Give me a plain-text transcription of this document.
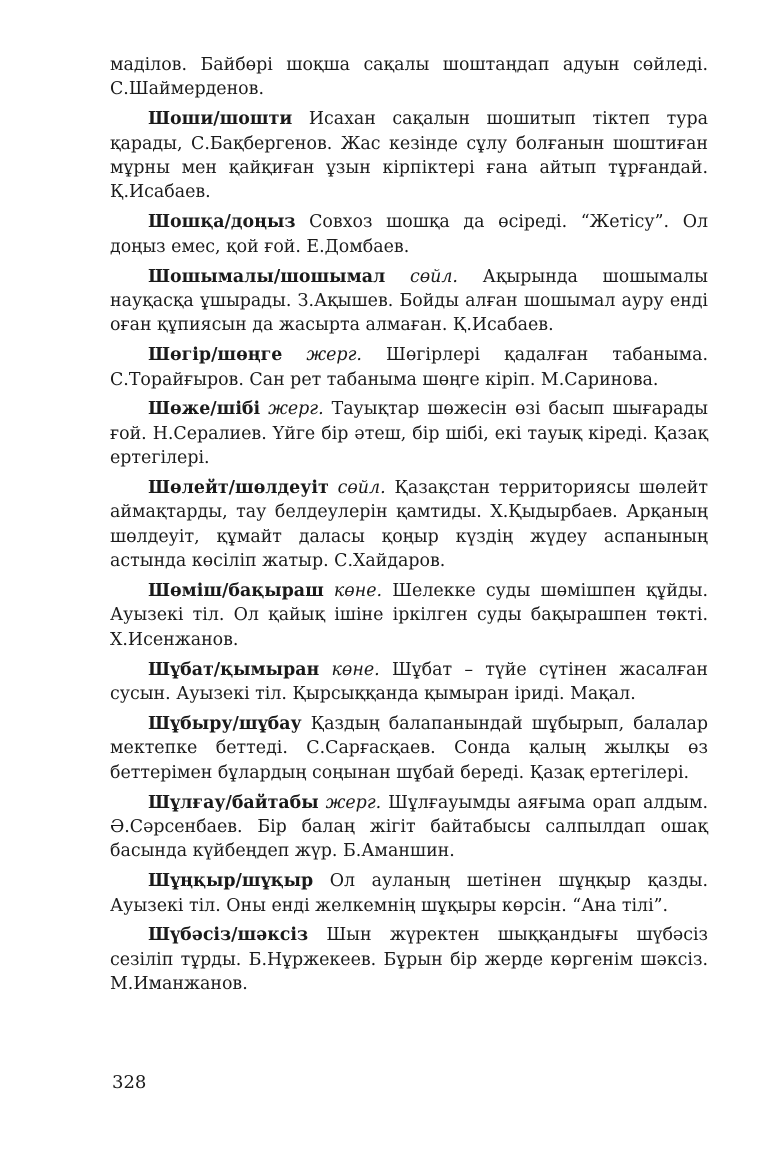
маділов. Байбөрі шоқша сақалы шоштаңдап адуын сөйледі. С.Шаймерденов.

Шоши/шошти Исахан сақалын шошитып тіктеп тура қарады, С.Бақбергенов. Жас кезінде сұлу болғанын шоштиған мұрны мен қайқиған ұзын кірпіктері ғана айтып тұрғандай. Қ.Исабаев.

Шошқа/доңыз Совхоз шошқа да өсіреді. “Жетісу”. Ол доңыз емес, қой ғой. Е.Домбаев.

Шошымалы/шошымал сөйл. Ақырында шошымалы науқасқа ұшырады. З.Ақышев. Бойды алған шошымал ауру енді оған құпиясын да жасырта алмаған. Қ.Исабаев.

Шөгір/шөңге жерг. Шөгірлері қадалған табаныма. С.Торайғыров. Сан рет табаныма шөңге кіріп. М.Саринова.

Шөже/шібі жерг. Тауықтар шөжесін өзі басып шығарады ғой. Н.Сералиев. Үйге бір әтеш, бір шібі, екі тауық кіреді. Қазақ ертегілері.

Шөлейт/шөлдеуіт сөйл. Қазақстан территориясы шөлейт аймақтарды, тау белдеулерін қамтиды. Х.Қыдырбаев. Арқаның шөлдеуіт, құмайт даласы қоңыр күздің жүдеу аспанының астында көсіліп жатыр. С.Хайдаров.

Шөміш/бақыраш көне. Шелекке суды шөмішпен құйды. Ауызекі тіл. Ол қайық ішіне іркілген суды бақырашпен төкті. Х.Исенжанов.

Шұбат/қымыран көне. Шұбат – түйе сүтінен жасалған сусын. Ауызекі тіл. Қырсыққанда қымыран іриді. Мақал.

Шұбыру/шұбау Қаздың балапанындай шұбырып, балалар мектепке беттеді. С.Сарғасқаев. Сонда қалың жылқы өз беттерімен бұлардың соңынан шұбай береді. Қазақ ертегілері.

Шұлғау/байтабы жерг. Шұлғауымды аяғыма орап алдым. Ә.Сәрсенбаев. Бір балаң жігіт байтабысы салпылдап ошақ басында күйбеңдеп жүр. Б.Аманшин.

Шұңқыр/шұқыр Ол ауланың шетінен шұңқыр қазды. Ауызекі тіл. Оны енді желкемнің шұқыры көрсін. “Ана тілі”.

Шүбәсіз/шәксіз Шын жүректен шыққандығы шүбәсіз сезіліп тұрды. Б.Нұржекеев. Бұрын бір жерде көргенім шәксіз. М.Иманжанов.

328
